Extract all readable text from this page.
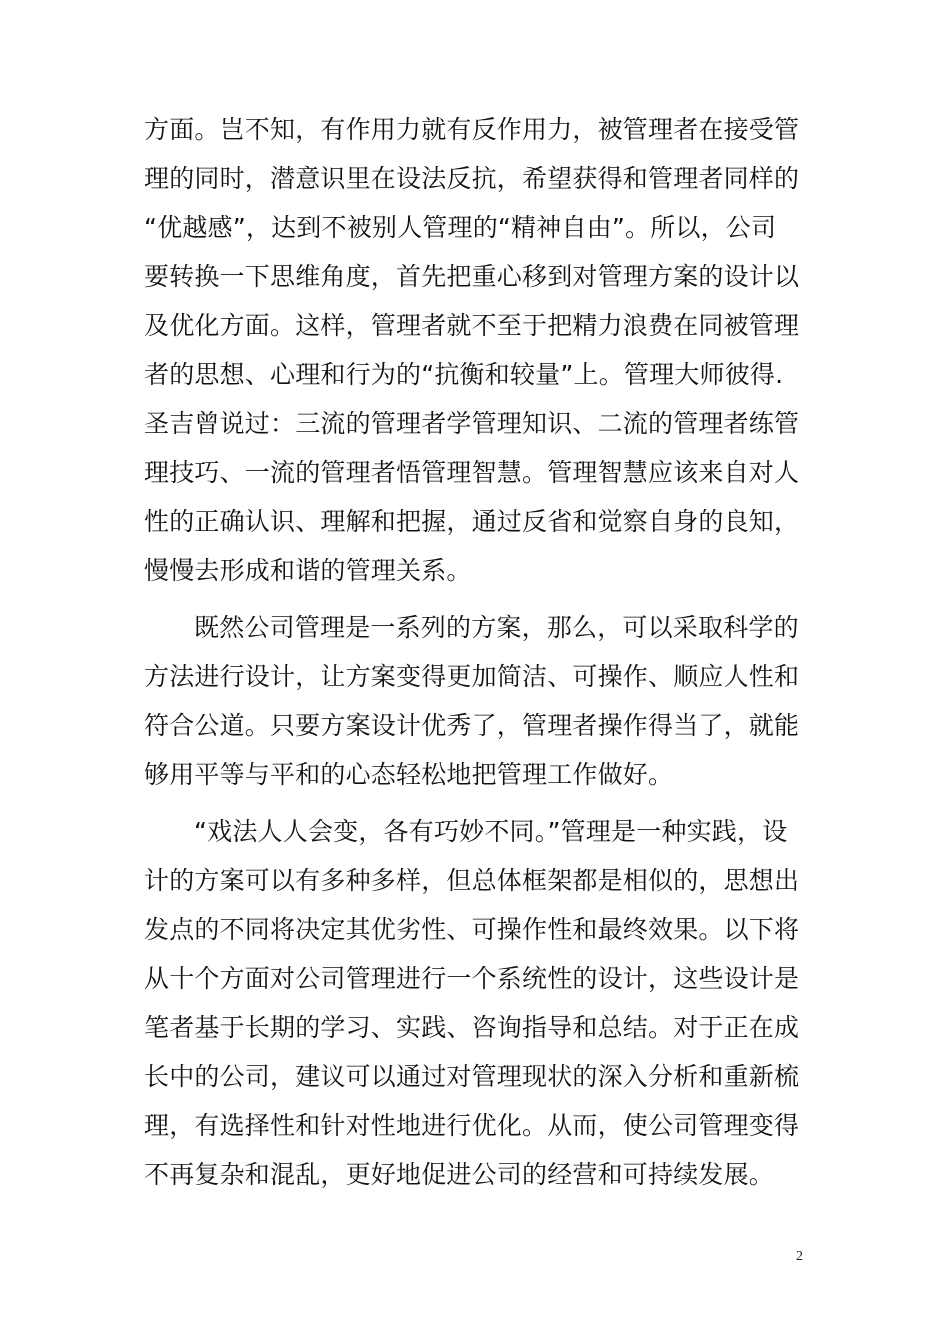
方面。岂不知，有作用力就有反作用力，被管理者在接受管
理的同时，潜意识里在设法反抗，希望获得和管理者同样的
“优越感”，达到不被别人管理的“精神自由”。所以，公司
要转换一下思维角度，首先把重心移到对管理方案的设计以
及优化方面。这样，管理者就不至于把精力浪费在同被管理
者的思想、心理和行为的“抗衡和较量”上。管理大师彼得.
圣吉曾说过：三流的管理者学管理知识、二流的管理者练管
理技巧、一流的管理者悟管理智慧。管理智慧应该来自对人
性的正确认识、理解和把握，通过反省和觉察自身的良知，
慢慢去形成和谐的管理关系。
既然公司管理是一系列的方案，那么，可以采取科学的
方法进行设计，让方案变得更加简洁、可操作、顺应人性和
符合公道。只要方案设计优秀了，管理者操作得当了，就能
够用平等与平和的心态轻松地把管理工作做好。
“戏法人人会变，各有巧妙不同。”管理是一种实践，设
计的方案可以有多种多样，但总体框架都是相似的，思想出
发点的不同将决定其优劣性、可操作性和最终效果。以下将
从十个方面对公司管理进行一个系统性的设计，这些设计是
笔者基于长期的学习、实践、咨询指导和总结。对于正在成
长中的公司，建议可以通过对管理现状的深入分析和重新梳
理，有选择性和针对性地进行优化。从而，使公司管理变得
不再复杂和混乱，更好地促进公司的经营和可持续发展。
2
